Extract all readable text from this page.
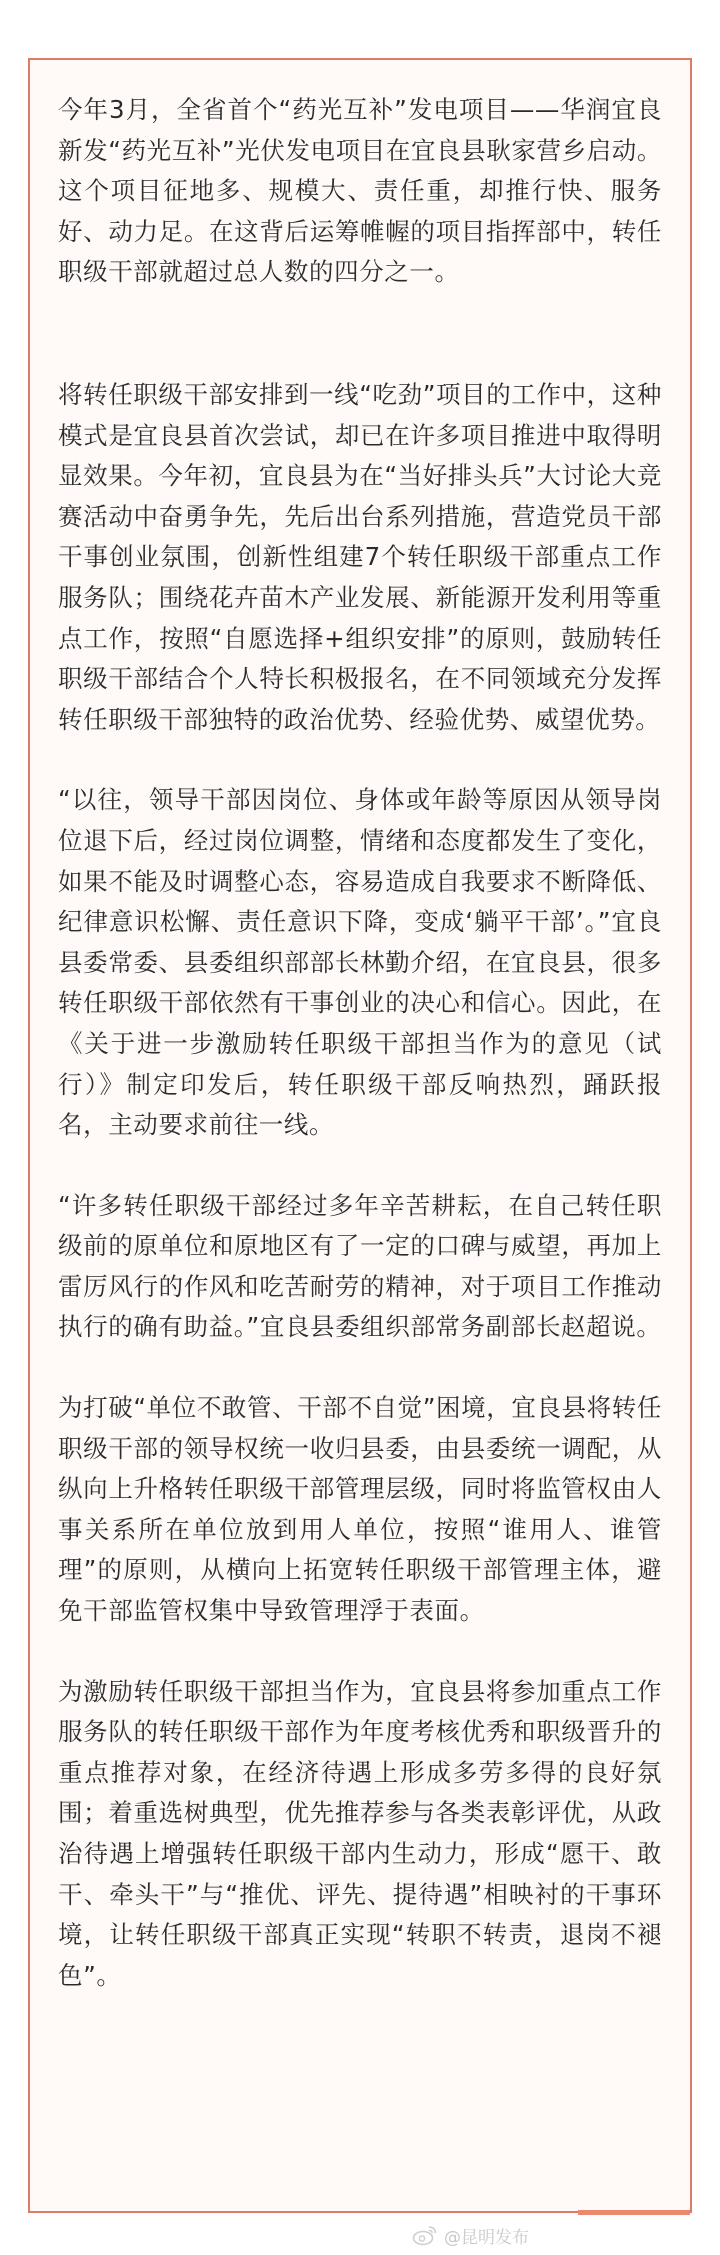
今年3月，全省首个“药光互补”发电项目——华润宜良新发“药光互补”光伏发电项目在宜良县耿家营乡启动。这个项目征地多、规模大、责任重，却推行快、服务好、动力足。在这背后运筹帷幄的项目指挥部中，转任职级干部就超过总人数的四分之一。

将转任职级干部安排到一线“吃劲”项目的工作中，这种模式是宜良县首次尝试，却已在许多项目推进中取得明显效果。今年初，宜良县为在“当好排头兵”大讨论大竞赛活动中奋勇争先，先后出台系列措施，营造党员干部干事创业氛围，创新性组建7个转任职级干部重点工作服务队；围绕花卉苗木产业发展、新能源开发利用等重点工作，按照“自愿选择+组织安排”的原则，鼓励转任职级干部结合个人特长积极报名，在不同领域充分发挥转任职级干部独特的政治优势、经验优势、威望优势。

“以往，领导干部因岗位、身体或年龄等原因从领导岗位退下后，经过岗位调整，情绪和态度都发生了变化，如果不能及时调整心态，容易造成自我要求不断降低、纪律意识松懈、责任意识下降，变成‘躺平干部’。”宜良县委常委、县委组织部部长林勤介绍，在宜良县，很多转任职级干部依然有干事创业的决心和信心。因此，在《关于进一步激励转任职级干部担当作为的意见（试行）》制定印发后，转任职级干部反响热烈，踊跃报名，主动要求前往一线。

“许多转任职级干部经过多年辛苦耕耘，在自己转任职级前的原单位和原地区有了一定的口碑与威望，再加上雷厉风行的作风和吃苦耐劳的精神，对于项目工作推动执行的确有助益。”宜良县委组织部常务副部长赵超说。

为打破“单位不敢管、干部不自觉”困境，宜良县将转任职级干部的领导权统一收归县委，由县委统一调配，从纵向上升格转任职级干部管理层级，同时将监管权由人事关系所在单位放到用人单位，按照“谁用人、谁管理”的原则，从横向上拓宽转任职级干部管理主体，避免干部监管权集中导致管理浮于表面。

为激励转任职级干部担当作为，宜良县将参加重点工作服务队的转任职级干部作为年度考核优秀和职级晋升的重点推荐对象，在经济待遇上形成多劳多得的良好氛围；着重选树典型，优先推荐参与各类表彰评优，从政治待遇上增强转任职级干部内生动力，形成“愿干、敢干、牵头干”与“推优、评先、提待遇”相映衬的干事环境，让转任职级干部真正实现“转职不转责，退岗不褪色”。

@昆明发布
